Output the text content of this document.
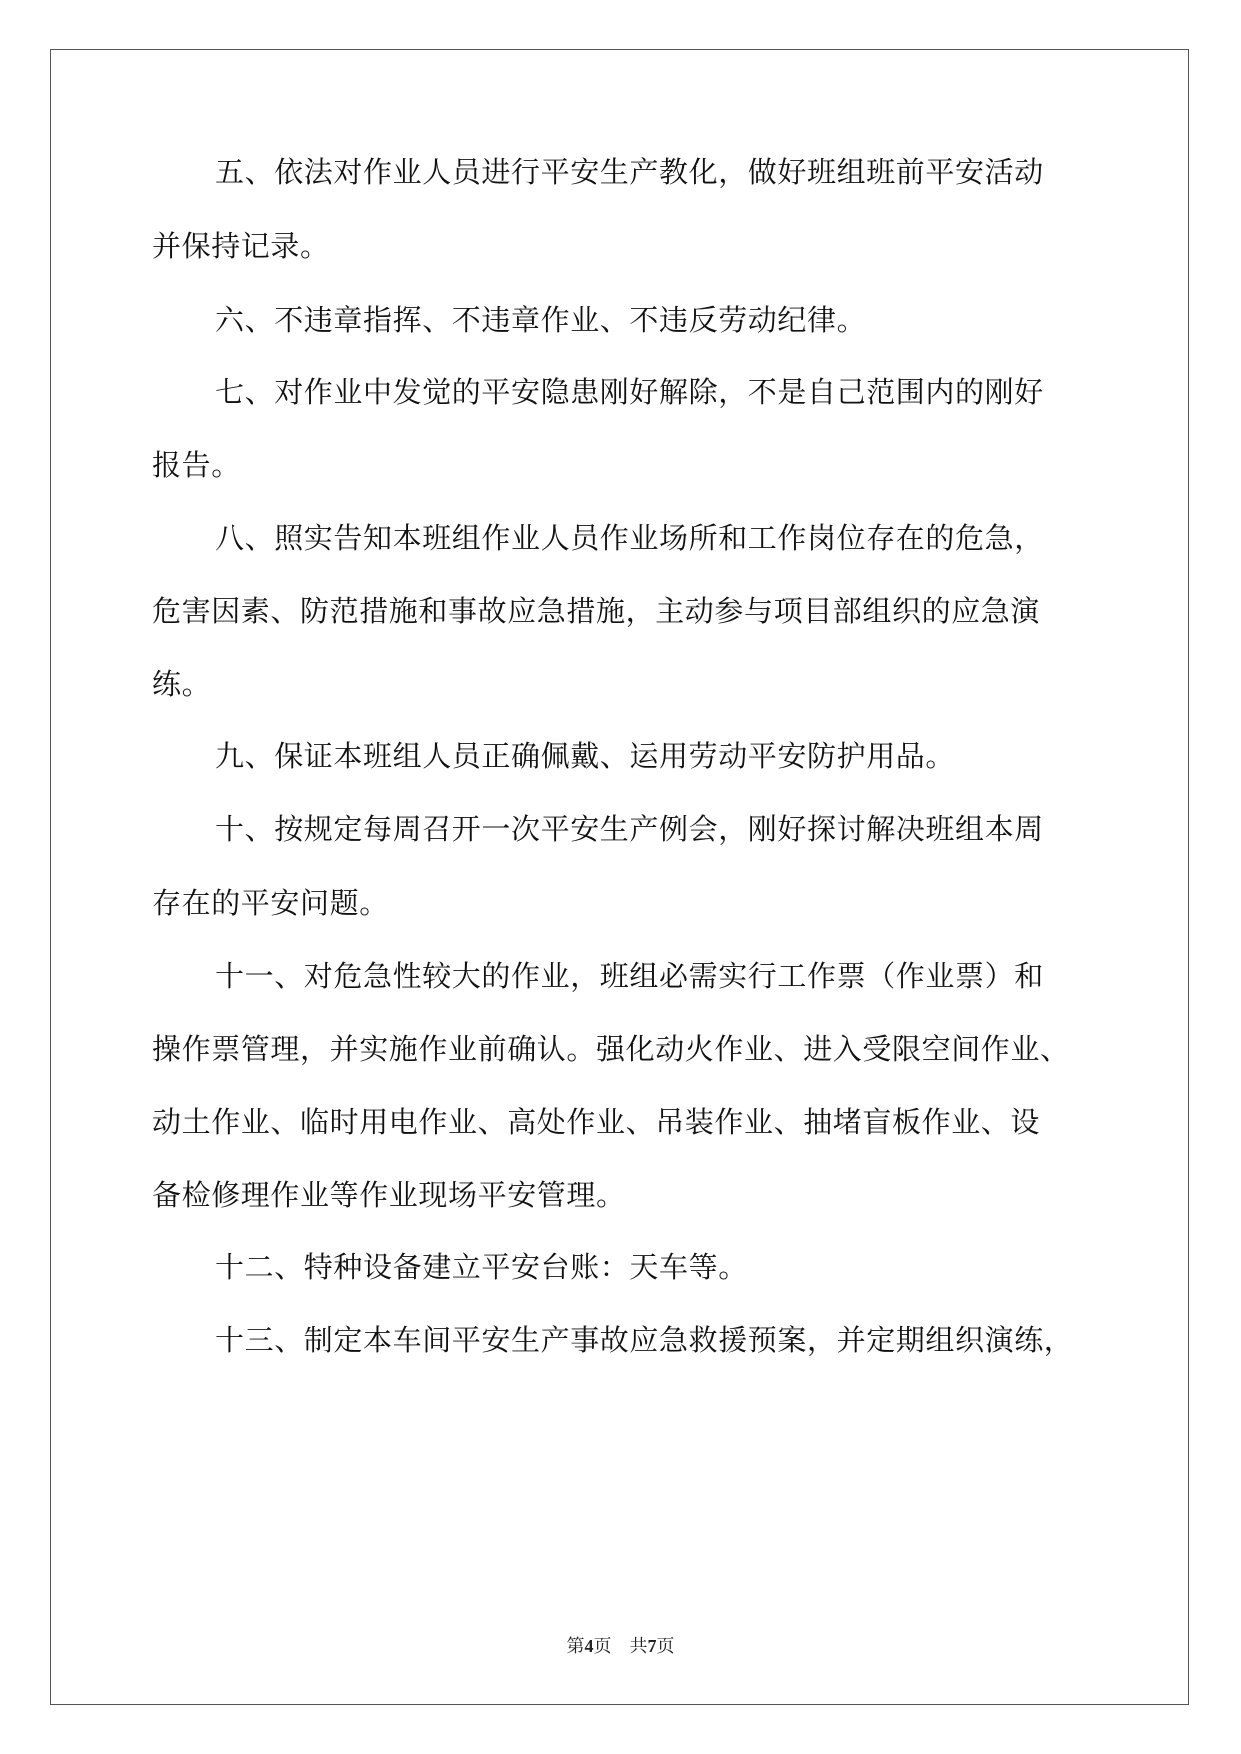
五、依法对作业人员进行平安生产教化，做好班组班前平安活动
并保持记录。
六、不违章指挥、不违章作业、不违反劳动纪律。
七、对作业中发觉的平安隐患刚好解除，不是自己范围内的刚好
报告。
八、照实告知本班组作业人员作业场所和工作岗位存在的危急，
危害因素、防范措施和事故应急措施，主动参与项目部组织的应急演
练。
九、保证本班组人员正确佩戴、运用劳动平安防护用品。
十、按规定每周召开一次平安生产例会，刚好探讨解决班组本周
存在的平安问题。
十一、对危急性较大的作业，班组必需实行工作票（作业票）和
操作票管理，并实施作业前确认。强化动火作业、进入受限空间作业、
动土作业、临时用电作业、高处作业、吊装作业、抽堵盲板作业、设
备检修理作业等作业现场平安管理。
十二、特种设备建立平安台账：天车等。
十三、制定本车间平安生产事故应急救援预案，并定期组织演练，
第4页　共7页
